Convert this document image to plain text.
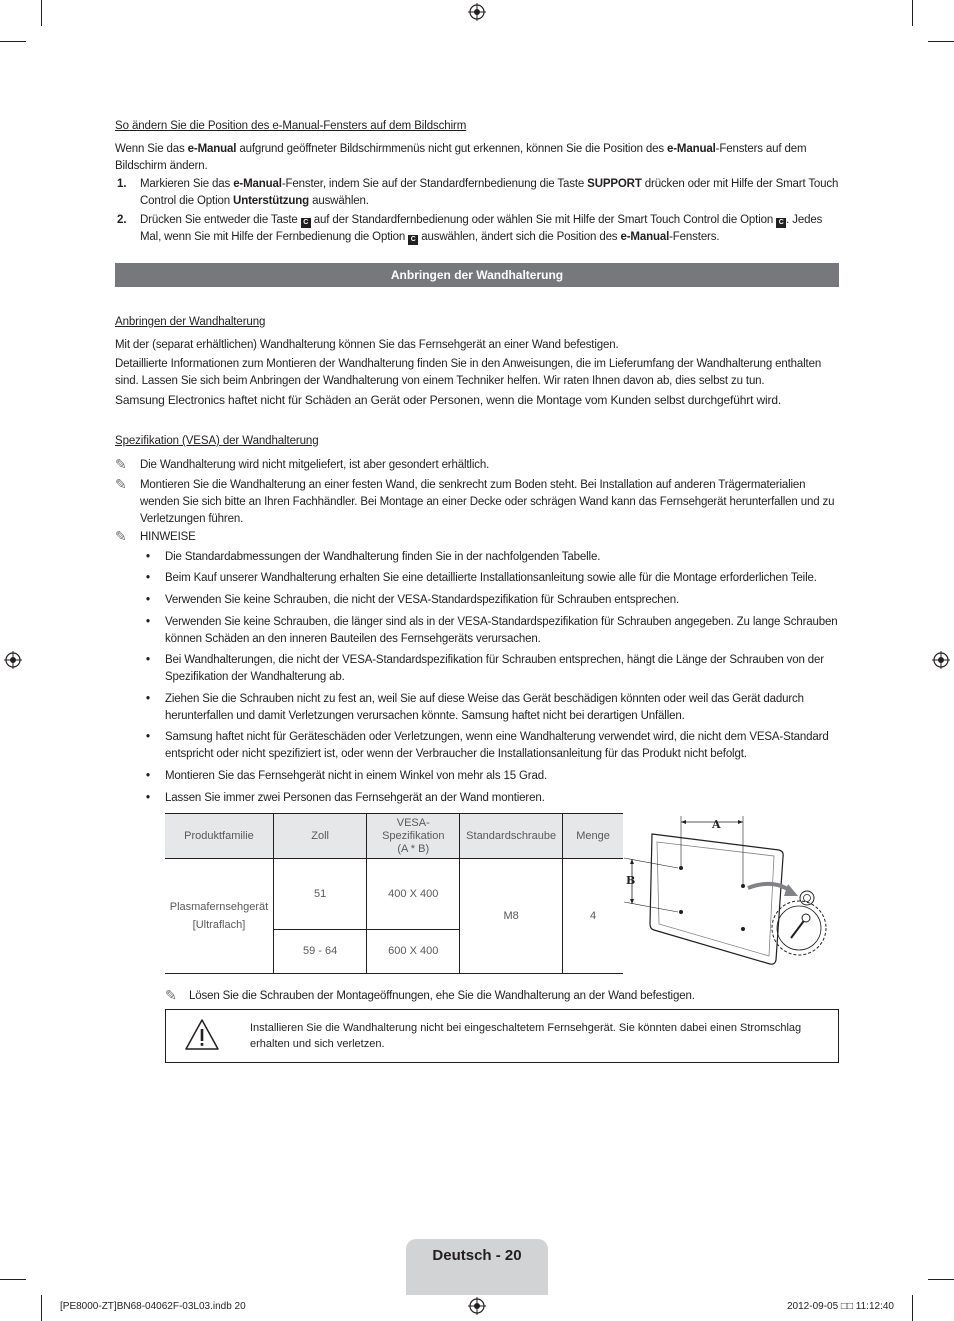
So ändern Sie die Position des e-Manual-Fensters auf dem Bildschirm

Wenn Sie das e-Manual aufgrund geöffneter Bildschirmmenüs nicht gut erkennen, können Sie die Position des e-Manual-Fensters auf dem Bildschirm ändern.

1. Markieren Sie das e-Manual-Fenster, indem Sie auf der Standardfernbedienung die Taste SUPPORT drücken oder mit Hilfe der Smart Touch Control die Option Unterstützung auswählen.

2. Drücken Sie entweder die Taste C auf der Standardfernbedienung oder wählen Sie mit Hilfe der Smart Touch Control die Option C . Jedes Mal, wenn Sie mit Hilfe der Fernbedienung die Option C auswählen, ändert sich die Position des e-Manual-Fensters.

Anbringen der Wandhalterung
Anbringen der Wandhalterung

Mit der (separat erhältlichen) Wandhalterung können Sie das Fernsehgerät an einer Wand befestigen.

Detaillierte Informationen zum Montieren der Wandhalterung finden Sie in den Anweisungen, die im Lieferumfang der Wandhalterung enthalten sind. Lassen Sie sich beim Anbringen der Wandhalterung von einem Techniker helfen. Wir raten Ihnen davon ab, dies selbst zu tun.

Samsung Electronics haftet nicht für Schäden an Gerät oder Personen, wenn die Montage vom Kunden selbst durchgeführt wird.

Spezifikation (VESA) der Wandhalterung
✎ Die Wandhalterung wird nicht mitgeliefert, ist aber gesondert erhältlich.

✎ Montieren Sie die Wandhalterung an einer festen Wand, die senkrecht zum Boden steht. Bei Installation auf anderen Trägermaterialien wenden Sie sich bitte an Ihren Fachhändler. Bei Montage an einer Decke oder schrägen Wand kann das Fernsehgerät herunterfallen und zu Verletzungen führen.

✎ HINWEISE

• Die Standardabmessungen der Wandhalterung finden Sie in der nachfolgenden Tabelle.

• Beim Kauf unserer Wandhalterung erhalten Sie eine detaillierte Installationsanleitung sowie alle für die Montage erforderlichen Teile.

• Verwenden Sie keine Schrauben, die nicht der VESA-Standardspezifikation für Schrauben entsprechen.

• Verwenden Sie keine Schrauben, die länger sind als in der VESA-Standardspezifikation für Schrauben angegeben. Zu lange Schrauben können Schäden an den inneren Bauteilen des Fernsehgeräts verursachen.

• Bei Wandhalterungen, die nicht der VESA-Standardspezifikation für Schrauben entsprechen, hängt die Länge der Schrauben von der Spezifikation der Wandhalterung ab.

• Ziehen Sie die Schrauben nicht zu fest an, weil Sie auf diese Weise das Gerät beschädigen könnten oder weil das Gerät dadurch herunterfallen und damit Verletzungen verursachen könnte. Samsung haftet nicht bei derartigen Unfällen.

• Samsung haftet nicht für Geräteschäden oder Verletzungen, wenn eine Wandhalterung verwendet wird, die nicht dem VESA-Standard entspricht oder nicht spezifiziert ist, oder wenn der Verbraucher die Installationsanleitung für das Produkt nicht befolgt.

• Montieren Sie das Fernsehgerät nicht in einem Winkel von mehr als 15 Grad.

• Lassen Sie immer zwei Personen das Fernsehgerät an der Wand montieren.

Produktfamilie	Zoll	VESA-
Spezifikation
(A * B)	Standardschraube	Menge

Plasmafernsehgerät
[Ultraflach]	51	400 X 400	M8	4
	59 - 64	600 X 400		
A
B
✎ Lösen Sie die Schrauben der Montageöffnungen, ehe Sie die Wandhalterung an der Wand befestigen.

Installieren Sie die Wandhalterung nicht bei eingeschaltetem Fernsehgerät. Sie könnten dabei einen Stromschlag erhalten und sich verletzen.
Deutsch - 20
[PE8000-ZT]BN68-04062F-03L03.indb 20	2012-09-05 □□ 11:12:40
